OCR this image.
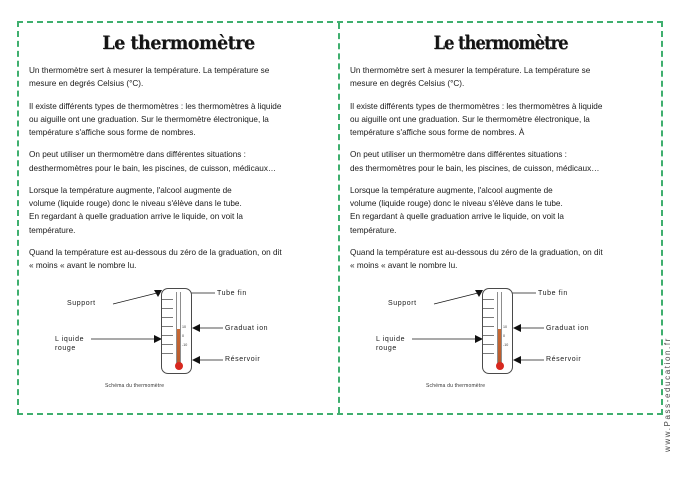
Le thermomètre
Un thermomètre sert à mesurer la température. La température se
mesure en degrés Celsius (°C).
Il existe différents types de thermomètres : les thermomètres à liquide
ou aiguille ont une graduation. Sur le thermomètre électronique, la
température s'affiche sous forme de nombres.
On peut utiliser un thermomètre dans différentes situations :
desthermomètres pour le bain, les piscines, de cuisson, médicaux…
Lorsque la température augmente, l'alcool augmente de
volume (liquide rouge) donc le niveau s'élève dans le tube.
En regardant à quelle graduation arrive le liquide, on voit la
température.
Quand la température est au-dessous du zéro de la graduation, on dit
« moins « avant le nombre lu.
10
0
-10
Support
L iquide
rouge
Tube fin
Graduat ion
Réservoir
Schéma du thermomètre
Le thermomètre
Un thermomètre sert à mesurer la température. La température se
mesure en degrés Celsius (°C).
Il existe différents types de thermomètres : les thermomètres à liquide
ou aiguille ont une graduation. Sur le thermomètre électronique, la
température s'affiche sous forme de nombres. À
On peut utiliser un thermomètre dans différentes situations :
des thermomètres pour le bain, les piscines, de cuisson, médicaux…
Lorsque la température augmente, l'alcool augmente de
volume (liquide rouge) donc le niveau s'élève dans le tube.
En regardant à quelle graduation arrive le liquide, on voit la
température.
Quand la température est au-dessous du zéro de la graduation, on dit
« moins « avant le nombre lu.
10
0
-10
Support
L iquide
rouge
Tube fin
Graduat ion
Réservoir
Schéma du thermomètre	www.Pass-education.fr
